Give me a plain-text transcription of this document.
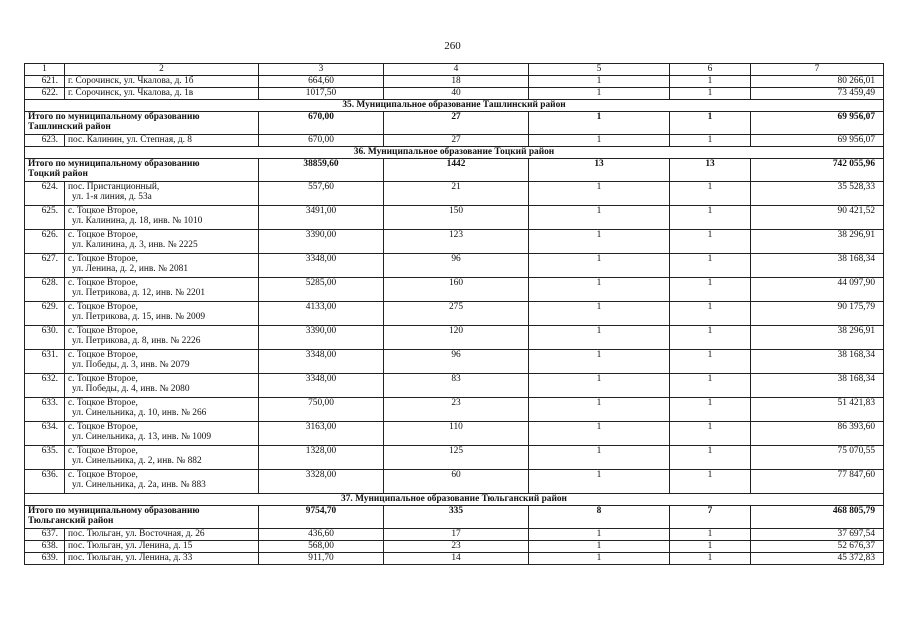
260
1	2	3	4	5	6	7
621.	г. Сорочинск, ул. Чкалова, д. 1б	664,60	18	1	1	80 266,01
622.	г. Сорочинск, ул. Чкалова, д. 1в	1017,50	40	1	1	73 459,49
35. Муниципальное образование Ташлинский район						

Итого по муниципальному образованию
Ташлинский район		670,00	27	1	1	69 956,07
623.	пос. Калинин, ул. Степная, д. 8	670,00	27	1	1	69 956,07
36. Муниципальное образование Тоцкий район						

Итого по муниципальному образованию
Тоцкий район		38859,60	1442	13	13	742 055,96
624.	пос. Пристанционный,
ул. 1-я линия, д. 53а	557,60	21	1	1	35 528,33
625.	с. Тоцкое Второе,
ул. Калинина, д. 18, инв. № 1010	3491,00	150	1	1	90 421,52
626.	с. Тоцкое Второе,
ул. Калинина, д. 3, инв. № 2225	3390,00	123	1	1	38 296,91
627.	с. Тоцкое Второе,
ул. Ленина, д. 2, инв. № 2081	3348,00	96	1	1	38 168,34
628.	с. Тоцкое Второе,
ул. Петрикова, д. 12, инв. № 2201	5285,00	160	1	1	44 097,90
629.	с. Тоцкое Второе,
ул. Петрикова, д. 15, инв. № 2009	4133,00	275	1	1	90 175,79
630.	с. Тоцкое Второе,
ул. Петрикова, д. 8, инв. № 2226	3390,00	120	1	1	38 296,91
631.	с. Тоцкое Второе,
ул. Победы, д. 3, инв. № 2079	3348,00	96	1	1	38 168,34
632.	с. Тоцкое Второе,
ул. Победы, д. 4, инв. № 2080	3348,00	83	1	1	38 168,34
633.	с. Тоцкое Второе,
ул. Синельника, д. 10, инв. № 266	750,00	23	1	1	51 421,83
634.	с. Тоцкое Второе,
ул. Синельника, д. 13, инв. № 1009	3163,00	110	1	1	86 393,60
635.	с. Тоцкое Второе,
ул. Синельника, д. 2, инв. № 882	1328,00	125	1	1	75 070,55
636.	с. Тоцкое Второе,
ул. Синельника, д. 2а, инв. № 883	3328,00	60	1	1	77 847,60
37. Муниципальное образование Тюльганский район						

Итого по муниципальному образованию
Тюльганский район		9754,70	335	8	7	468 805,79
637.	пос. Тюльган, ул. Восточная, д. 26	436,60	17	1	1	37 697,54
638.	пос. Тюльган, ул. Ленина, д. 15	568,00	23	1	1	52 676,37
639.	пос. Тюльган, ул. Ленина, д. 33	911,70	14	1	1	45 372,83
